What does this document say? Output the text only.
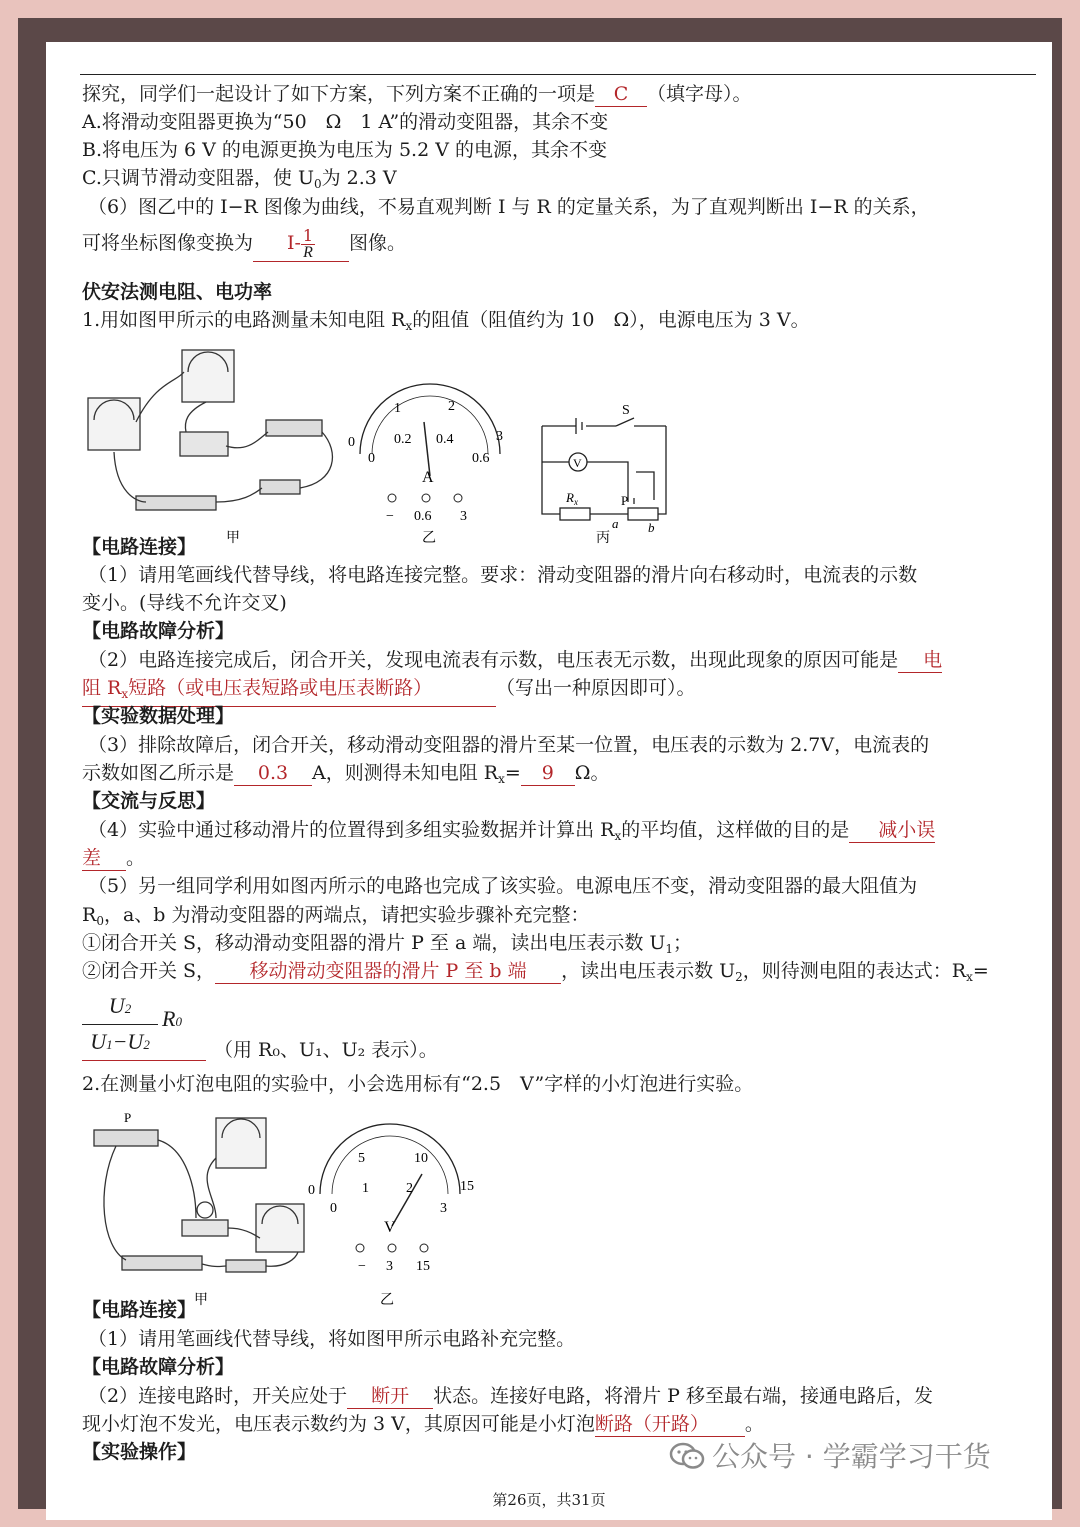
探究，同学们一起设计了如下方案，下列方案不正确的一项是 C （填字母）。
A.将滑动变阻器更换为“50　Ω　1 A”的滑动变阻器，其余不变
B.将电压为 6 V 的电源更换为电压为 5.2 V 的电源，其余不变
C.只调节滑动变阻器，使 $U_0$为 2.3 V
（6）图乙中的 I−R 图像为曲线，不易直观判断 I 与 R 的定量关系，为了直观判断出 I−R 的关系，
可将坐标图像变换为 $I- \frac{1}{R}$ 图像。
伏安法测电阻、电功率
1.用如图甲所示的电路测量未知电阻 $R_x$的阻值（阻值约为 10　Ω），电源电压为 3 V。
甲
0
1	2
3
0
0.2 0.4
0.6
A
− 0.6 3
乙
S
V
$R_x$	P
a b
丙
【电路连接】
（1）请用笔画线代替导线，将电路连接完整。要求：滑动变阻器的滑片向右移动时，电流表的示数
变小。(导线不允许交叉)
【电路故障分析】
（2）电路连接完成后，闭合开关，发现电流表有示数，电压表无示数，出现此现象的原因可能是 电
阻 $R_x$短路（或电压表短路或电压表断路）	（写出一种原因即可）。
【实验数据处理】
（3）排除故障后，闭合开关，移动滑动变阻器的滑片至某一位置，电压表的示数为 2.7V，电流表的
示数如图乙所示是 0.3 A，则测得未知电阻 $R_x= 9$ Ω。
【交流与反思】
（4）实验中通过移动滑片的位置得到多组实验数据并计算出 $R_x$的平均值，这样做的目的是 减小误
差 。
（5）另一组同学利用如图丙所示的电路也完成了该实验。电源电压不变，滑动变阻器的最大阻值为
$R_0$，a、b 为滑动变阻器的两端点，请把实验步骤补充完整：
①闭合开关 S，移动滑动变阻器的滑片 P 至 a 端，读出电压表示数 $U_1$；
②闭合开关 S， 移动滑动变阻器的滑片 P 至 b 端 ，读出电压表示数 $U_2$，则待测电阻的表达式：$R_x=$
U2
U1−U2
R0
（用 R₀、U₁、U₂ 表示）。
2.在测量小灯泡电阻的实验中，小会选用标有“2.5　V”字样的小灯泡进行实验。
P
甲
0
5	10
15
0
1	2
3
V
− 3 15
乙
【电路连接】
（1）请用笔画线代替导线，将如图甲所示电路补充完整。
【电路故障分析】
（2）连接电路时，开关应处于 断开 状态。连接好电路，将滑片 P 移至最右端，接通电路后，发
现小灯泡不发光，电压表示数约为 3 V，其原因可能是小灯泡断路（开路） 。
【实验操作】
第26页，共31页
公众号 · 学霸学习干货
